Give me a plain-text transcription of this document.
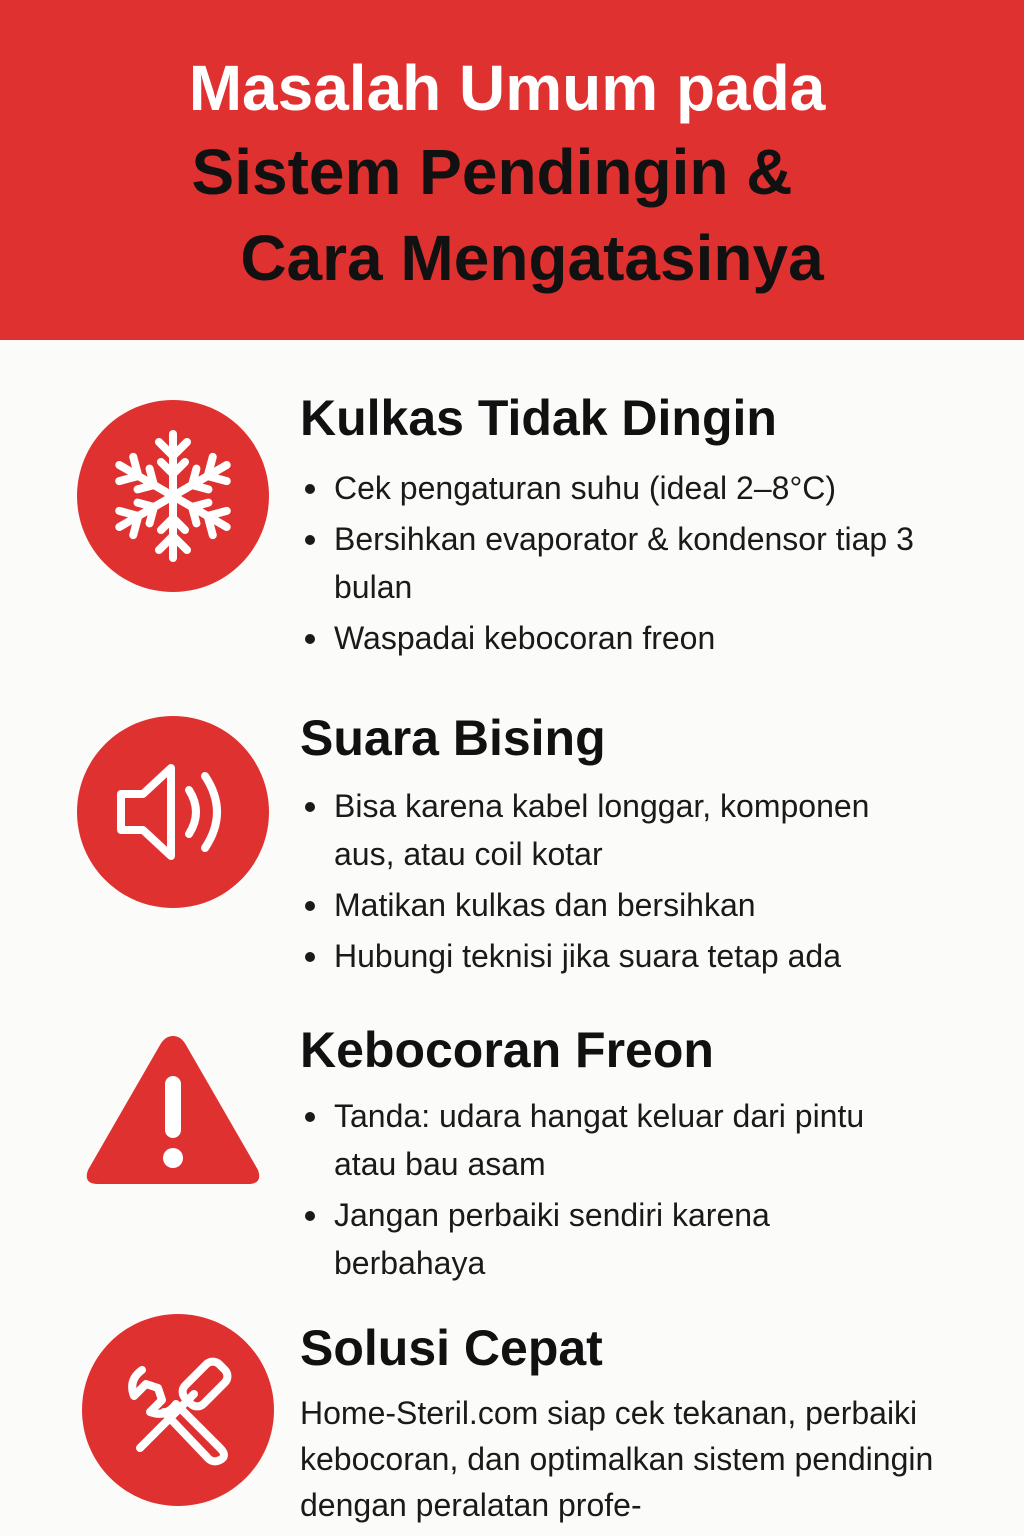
Masalah Umum pada
Sistem Pendingin &
Cara Mengatasinya
Kulkas Tidak Dingin
Cek pengaturan suhu (ideal 2–8°C)
Bersihkan evaporator & kondensor tiap 3 bulan
Waspadai kebocoran freon
Suara Bising
Bisa karena kabel longgar, komponen aus, atau coil kotar
Matikan kulkas dan bersihkan
Hubungi teknisi jika suara tetap ada
Kebocoran Freon
Tanda: udara hangat keluar dari pintu atau bau asam
Jangan perbaiki sendiri karena berbahaya
Solusi Cepat

Home-Steril.com siap cek tekanan, perbaiki kebocoran, dan optimalkan sistem pendingin dengan peralatan profe-
